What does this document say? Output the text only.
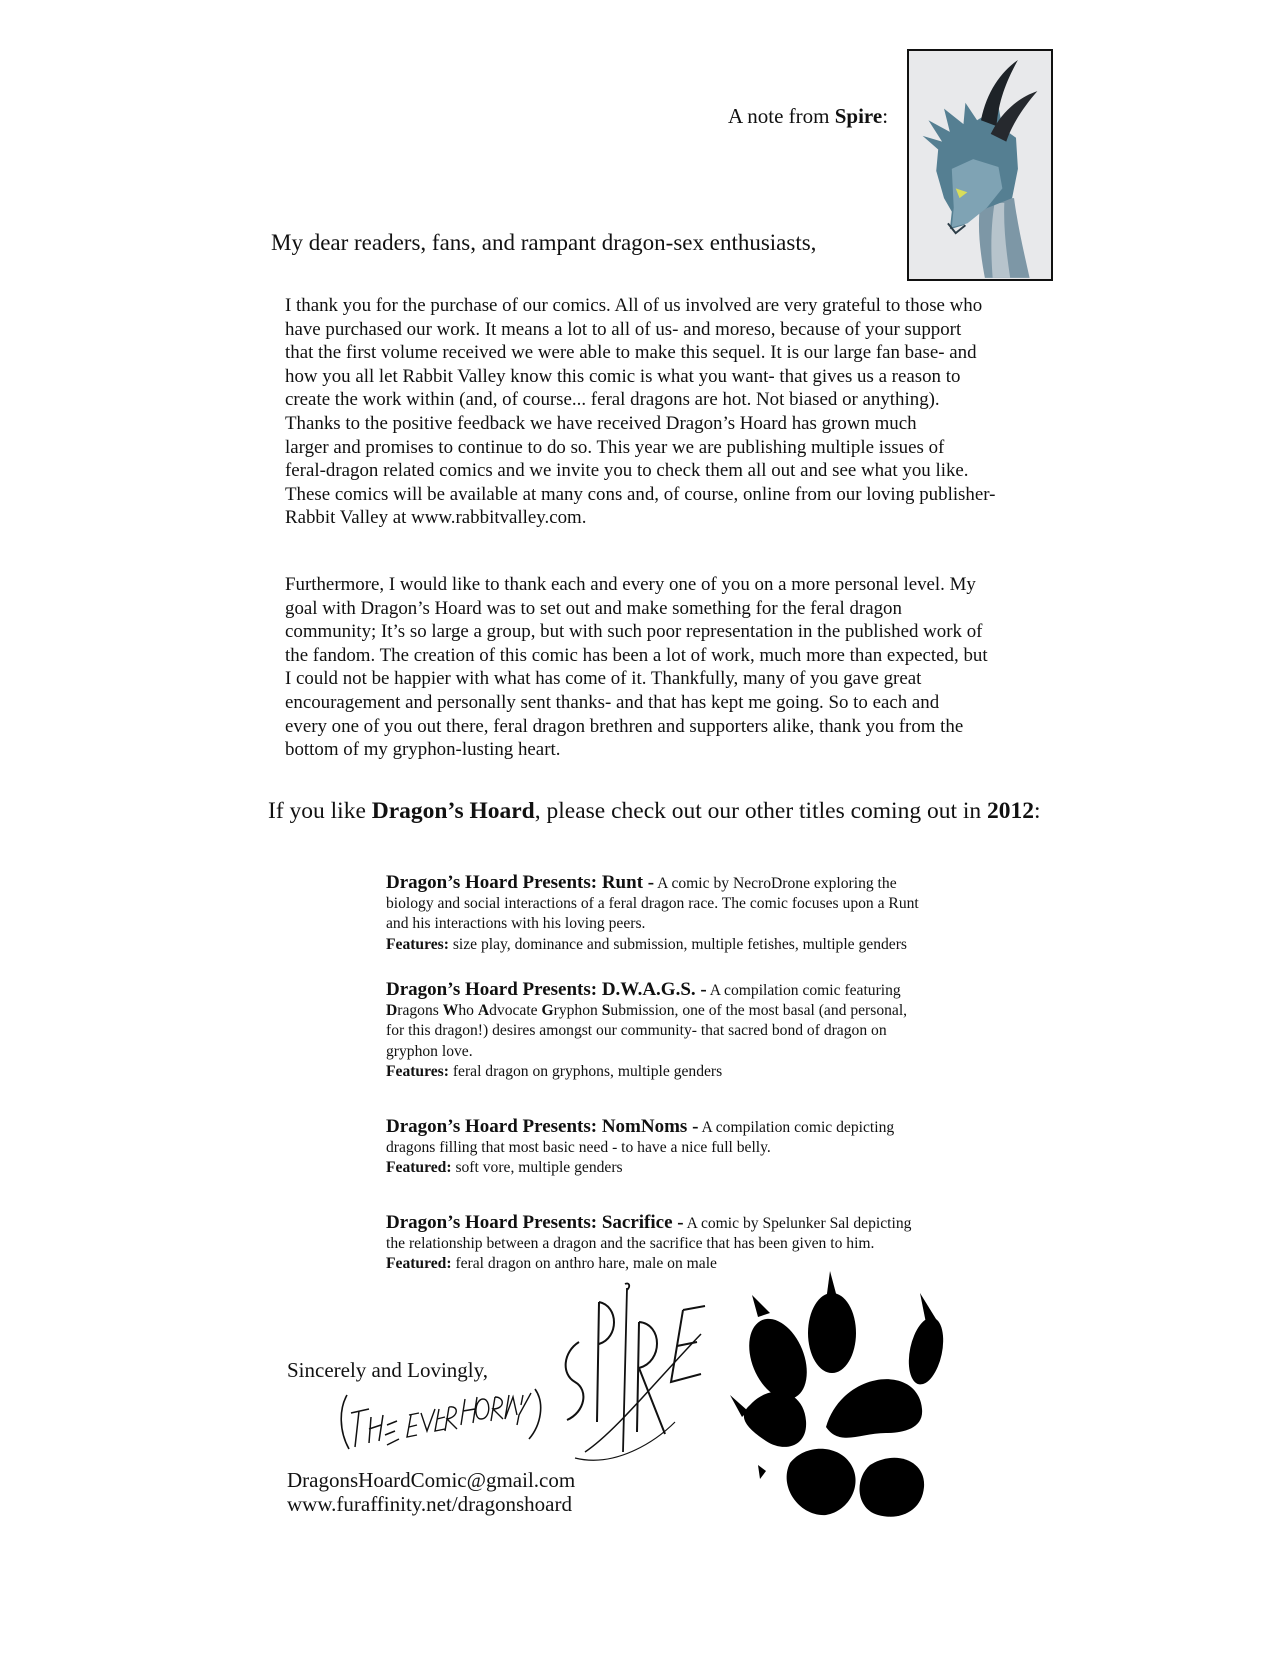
A note from Spire:
My dear readers, fans, and rampant dragon-sex enthusiasts,
I thank you for the purchase of our comics. All of us involved are very grateful to those who
have purchased our work. It means a lot to all of us- and moreso, because of your support
that the first volume received we were able to make this sequel. It is our large fan base- and
how you all let Rabbit Valley know this comic is what you want- that gives us a reason to
create the work within (and, of course... feral dragons are hot. Not biased or anything).
Thanks to the positive feedback we have received Dragon’s Hoard has grown much
larger and promises to continue to do so. This year we are publishing multiple issues of
feral-dragon related comics and we invite you to check them all out and see what you like.
These comics will be available at many cons and, of course, online from our loving publisher-
Rabbit Valley at www.rabbitvalley.com.
Furthermore, I would like to thank each and every one of you on a more personal level. My
goal with Dragon’s Hoard was to set out and make something for the feral dragon
community; It’s so large a group, but with such poor representation in the published work of
the fandom. The creation of this comic has been a lot of work, much more than expected, but
I could not be happier with what has come of it. Thankfully, many of you gave great
encouragement and personally sent thanks- and that has kept me going. So to each and
every one of you out there, feral dragon brethren and supporters alike, thank you from the
bottom of my gryphon-lusting heart.
If you like Dragon’s Hoard, please check out our other titles coming out in 2012:
Dragon’s Hoard Presents: Runt - A comic by NecroDrone exploring the
biology and social interactions of a feral dragon race. The comic focuses upon a Runt
and his interactions with his loving peers.
Features: size play, dominance and submission, multiple fetishes, multiple genders
Dragon’s Hoard Presents: D.W.A.G.S. - A compilation comic featuring
Dragons Who Advocate Gryphon Submission, one of the most basal (and personal,
for this dragon!) desires amongst our community- that sacred bond of dragon on
gryphon love.
Features: feral dragon on gryphons, multiple genders
Dragon’s Hoard Presents: NomNoms - A compilation comic depicting
dragons filling that most basic need - to have a nice full belly.
Featured: soft vore, multiple genders
Dragon’s Hoard Presents: Sacrifice - A comic by Spelunker Sal depicting
the relationship between a dragon and the sacrifice that has been given to him.
Featured: feral dragon on anthro hare, male on male
Sincerely and Lovingly,
DragonsHoardComic@gmail.com
www.furaffinity.net/dragonshoard
